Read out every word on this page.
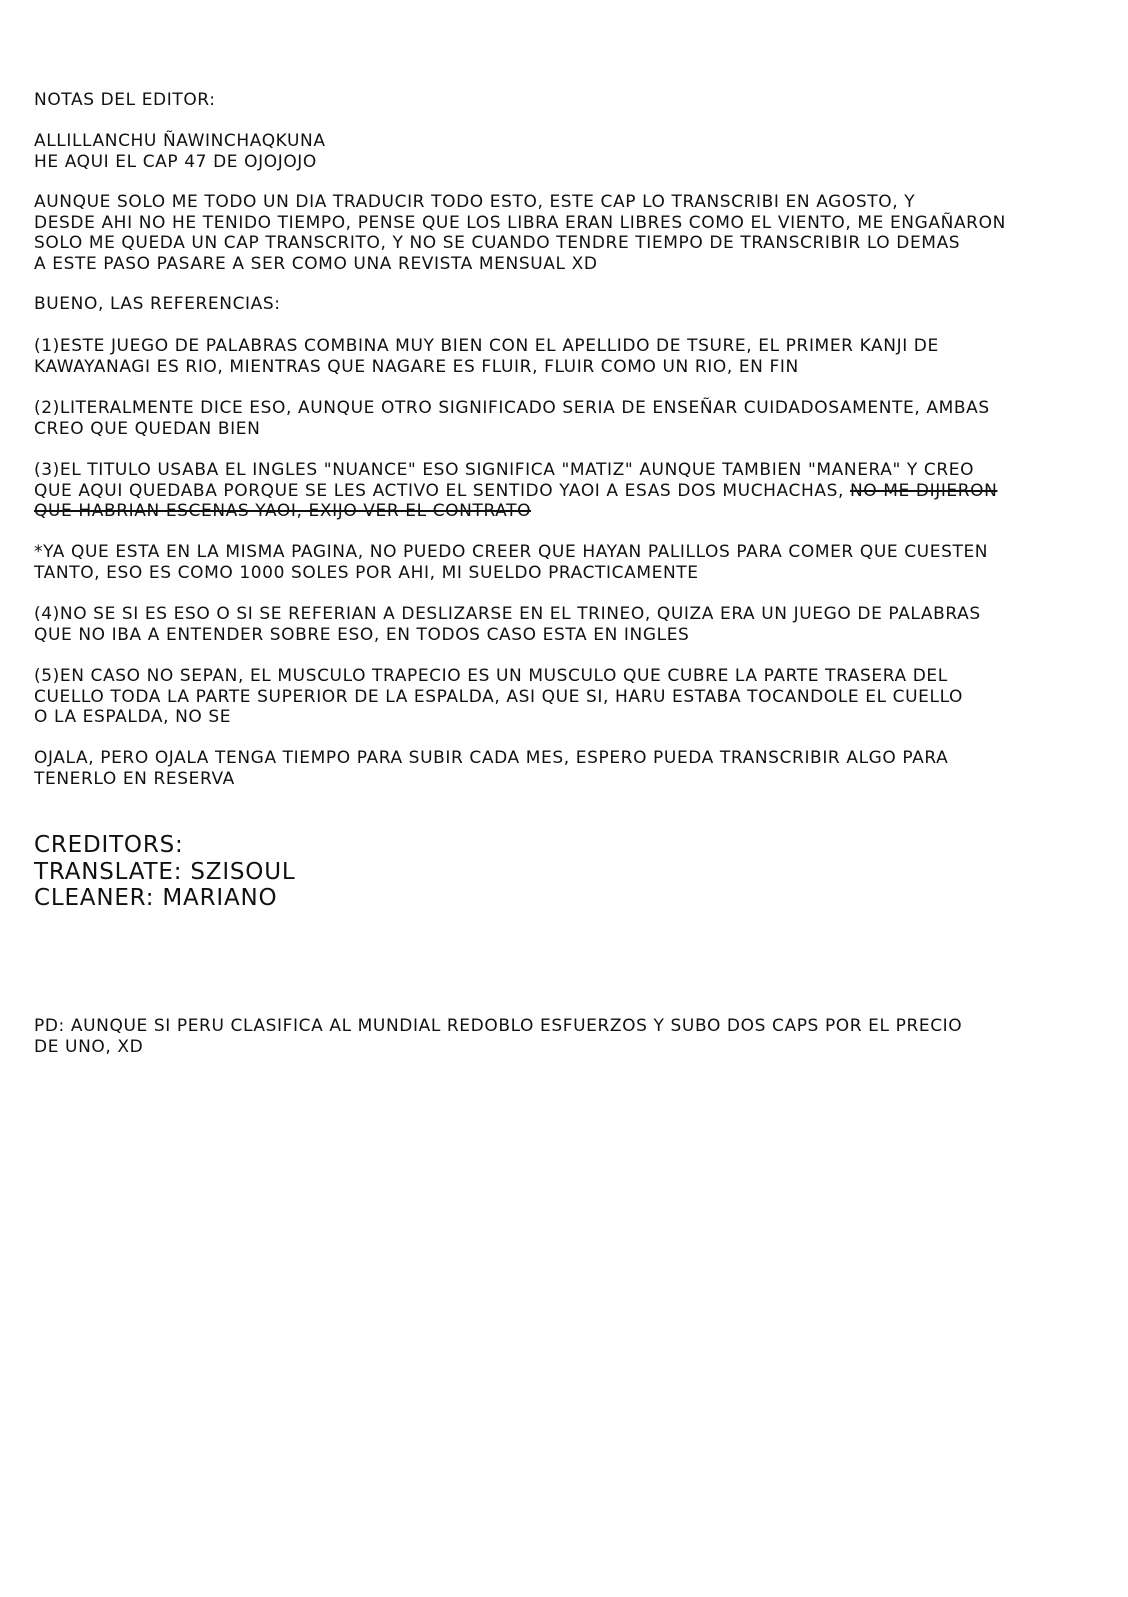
NOTAS DEL EDITOR:
ALLILLANCHU ÑAWINCHAQKUNA
HE AQUI EL CAP 47 DE OJOJOJO
AUNQUE SOLO ME TODO UN DIA TRADUCIR TODO ESTO, ESTE CAP LO TRANSCRIBI EN AGOSTO, Y
DESDE AHI NO HE TENIDO TIEMPO, PENSE QUE LOS LIBRA ERAN LIBRES COMO EL VIENTO, ME ENGAÑARON
SOLO ME QUEDA UN CAP TRANSCRITO, Y NO SE CUANDO TENDRE TIEMPO DE TRANSCRIBIR LO DEMAS
A ESTE PASO PASARE A SER COMO UNA REVISTA MENSUAL XD
BUENO, LAS REFERENCIAS:
(1)ESTE JUEGO DE PALABRAS COMBINA MUY BIEN CON EL APELLIDO DE TSURE, EL PRIMER KANJI DE
KAWAYANAGI ES RIO, MIENTRAS QUE NAGARE ES FLUIR, FLUIR COMO UN RIO, EN FIN
(2)LITERALMENTE DICE ESO, AUNQUE OTRO SIGNIFICADO SERIA DE ENSEÑAR CUIDADOSAMENTE, AMBAS
CREO QUE QUEDAN BIEN
(3)EL TITULO USABA EL INGLES "NUANCE" ESO SIGNIFICA "MATIZ" AUNQUE TAMBIEN "MANERA" Y CREO
QUE AQUI QUEDABA PORQUE SE LES ACTIVO EL SENTIDO YAOI A ESAS DOS MUCHACHAS, NO ME DIJIERON
QUE HABRIAN ESCENAS YAOI, EXIJO VER EL CONTRATO
*YA QUE ESTA EN LA MISMA PAGINA, NO PUEDO CREER QUE HAYAN PALILLOS PARA COMER QUE CUESTEN
TANTO, ESO ES COMO 1000 SOLES POR AHI, MI SUELDO PRACTICAMENTE
(4)NO SE SI ES ESO O SI SE REFERIAN A DESLIZARSE EN EL TRINEO, QUIZA ERA UN JUEGO DE PALABRAS
QUE NO IBA A ENTENDER SOBRE ESO, EN TODOS CASO ESTA EN INGLES
(5)EN CASO NO SEPAN, EL MUSCULO TRAPECIO ES UN MUSCULO QUE CUBRE LA PARTE TRASERA DEL
CUELLO TODA LA PARTE SUPERIOR DE LA ESPALDA, ASI QUE SI, HARU ESTABA TOCANDOLE EL CUELLO
O LA ESPALDA, NO SE
OJALA, PERO OJALA TENGA TIEMPO PARA SUBIR CADA MES, ESPERO PUEDA TRANSCRIBIR ALGO PARA
TENERLO EN RESERVA
CREDITORS:
TRANSLATE: SZISOUL
CLEANER: MARIANO
PD: AUNQUE SI PERU CLASIFICA AL MUNDIAL REDOBLO ESFUERZOS Y SUBO DOS CAPS POR EL PRECIO
DE UNO, XD
